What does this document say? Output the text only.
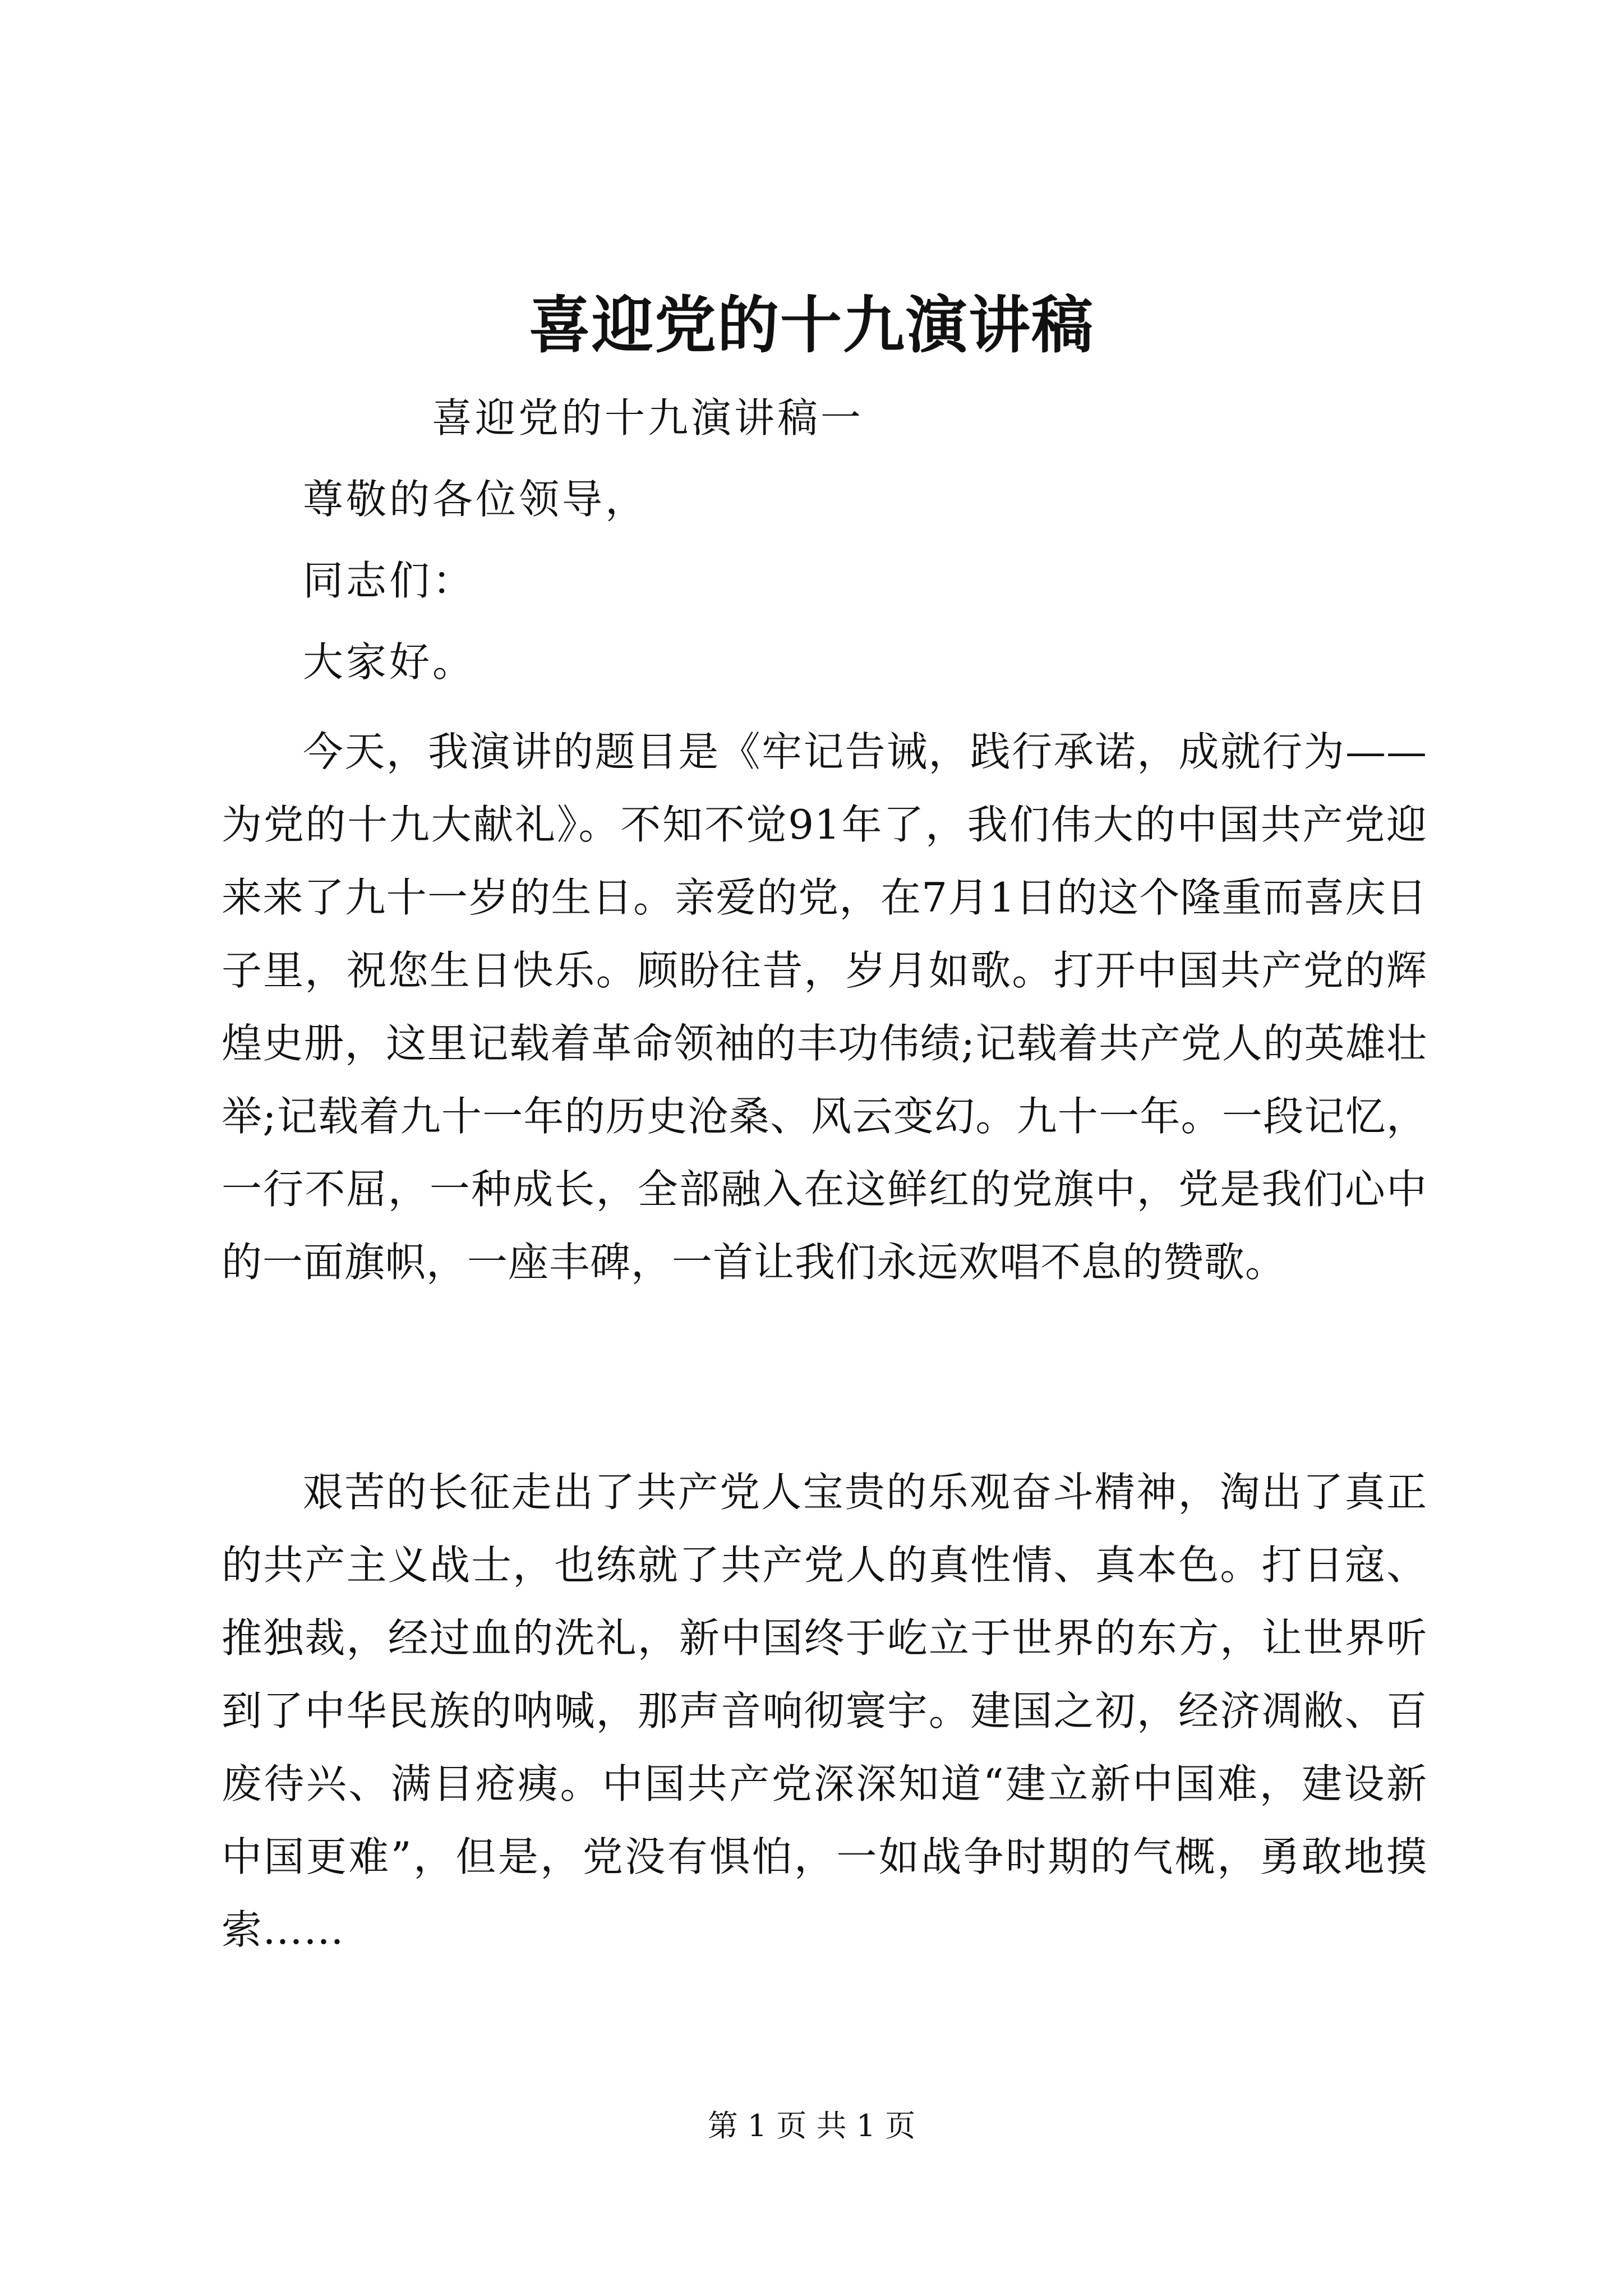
喜迎党的十九演讲稿
喜迎党的十九演讲稿一
尊敬的各位领导，
同志们：
大家好。

今天，我演讲的题目是《牢记告诫，践行承诺，成就行为——为党的十九大献礼》。不知不觉91年了，我们伟大的中国共产党迎来来了九十一岁的生日。亲爱的党，在7月1日的这个隆重而喜庆日子里，祝您生日快乐。顾盼往昔，岁月如歌。打开中国共产党的辉煌史册，这里记载着革命领袖的丰功伟绩;记载着共产党人的英雄壮举;记载着九十一年的历史沧桑、风云变幻。九十一年。一段记忆，一行不屈，一种成长，全部融入在这鲜红的党旗中，党是我们心中的一面旗帜，一座丰碑，一首让我们永远欢唱不息的赞歌。

艰苦的长征走出了共产党人宝贵的乐观奋斗精神，淘出了真正的共产主义战士，也练就了共产党人的真性情、真本色。打日寇、推独裁，经过血的洗礼，新中国终于屹立于世界的东方，让世界听到了中华民族的呐喊，那声音响彻寰宇。建国之初，经济凋敝、百废待兴、满目疮痍。中国共产党深深知道“建立新中国难，建设新中国更难”，但是，党没有惧怕，一如战争时期的气概，勇敢地摸索……

第 1 页 共 1 页
